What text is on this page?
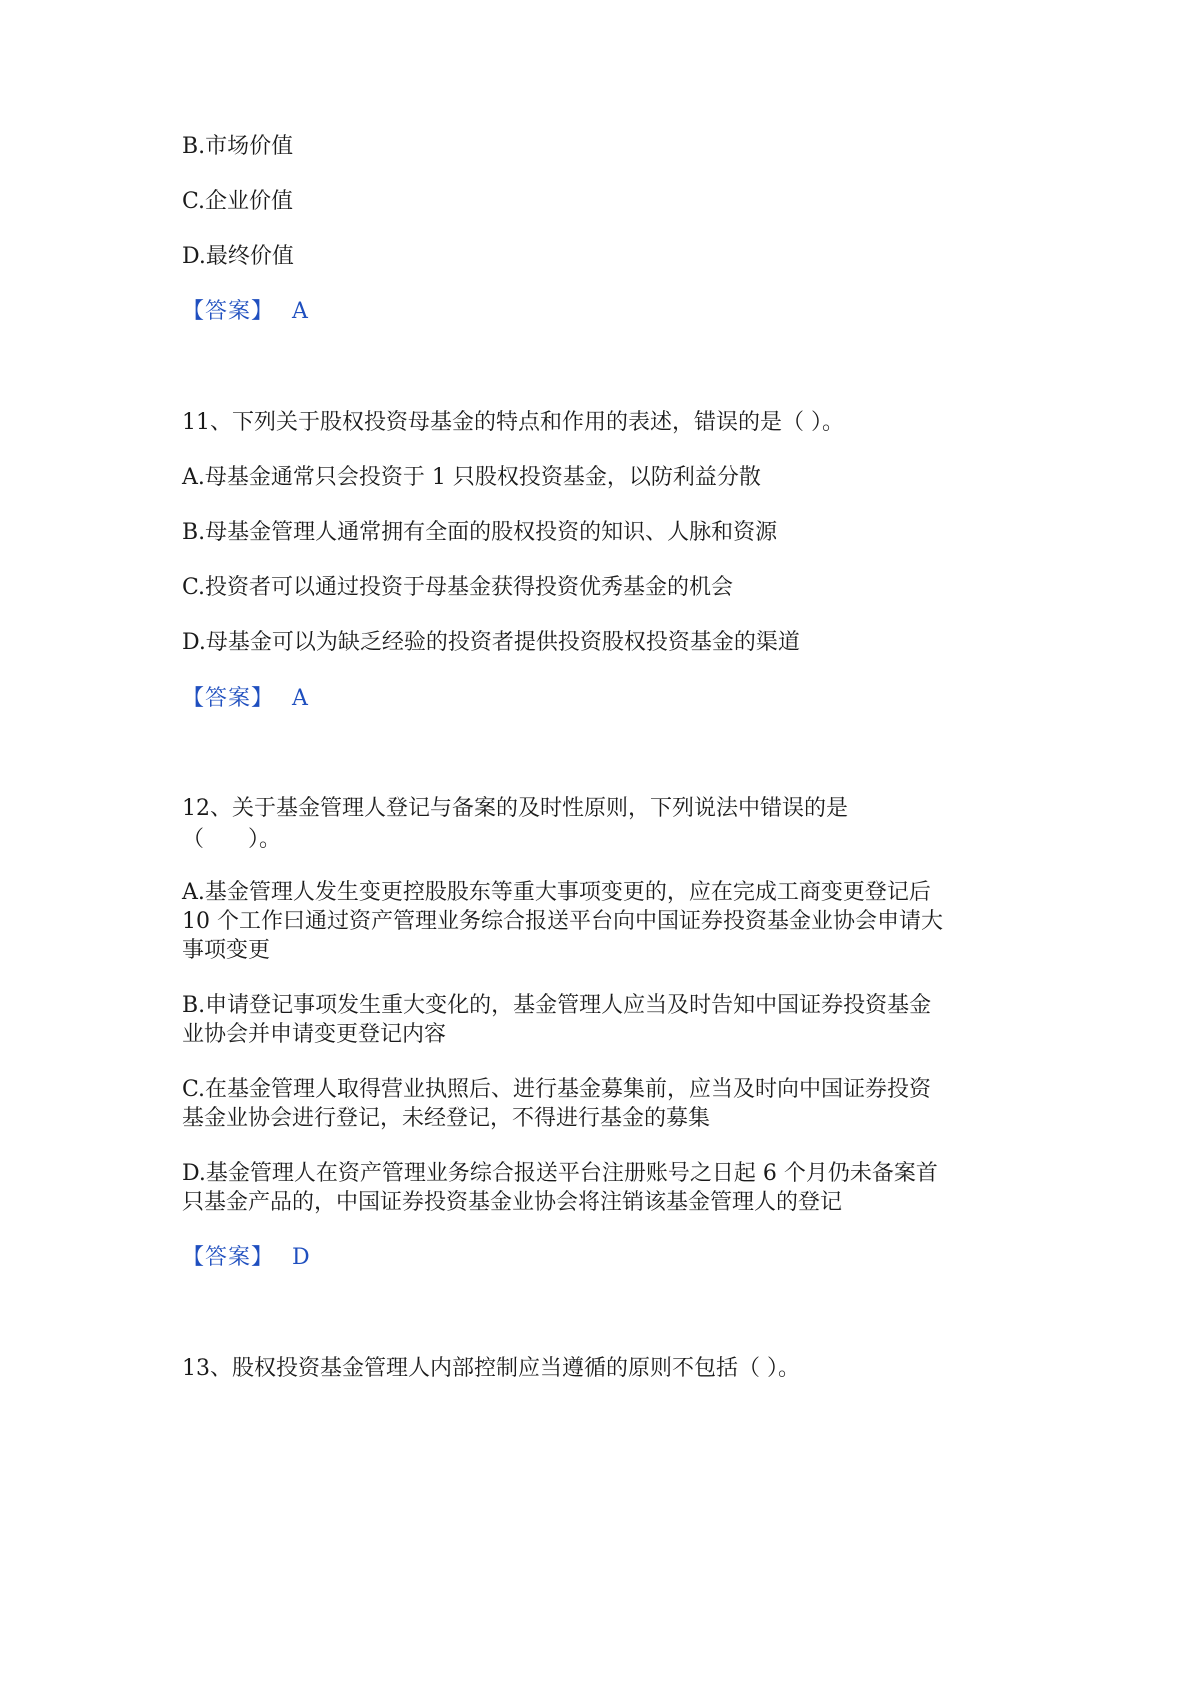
B.市场价值
C.企业价值
D.最终价值
【答案】 A
11、下列关于股权投资母基金的特点和作用的表述，错误的是（ ）。
A.母基金通常只会投资于 1 只股权投资基金，以防利益分散
B.母基金管理人通常拥有全面的股权投资的知识、人脉和资源
C.投资者可以通过投资于母基金获得投资优秀基金的机会
D.母基金可以为缺乏经验的投资者提供投资股权投资基金的渠道
【答案】 A
12、关于基金管理人登记与备案的及时性原则，下列说法中错误的是
（　　）。
A.基金管理人发生变更控股股东等重大事项变更的，应在完成工商变更登记后
10 个工作曰通过资产管理业务综合报送平台向中国证券投资基金业协会申请大
事项变更
B.申请登记事项发生重大变化的，基金管理人应当及时告知中国证券投资基金
业协会并申请变更登记内容
C.在基金管理人取得营业执照后、进行基金募集前，应当及时向中国证券投资
基金业协会进行登记，未经登记，不得进行基金的募集
D.基金管理人在资产管理业务综合报送平台注册账号之日起 6 个月仍未备案首
只基金产品的，中国证券投资基金业协会将注销该基金管理人的登记
【答案】 D
13、股权投资基金管理人内部控制应当遵循的原则不包括（ ）。
